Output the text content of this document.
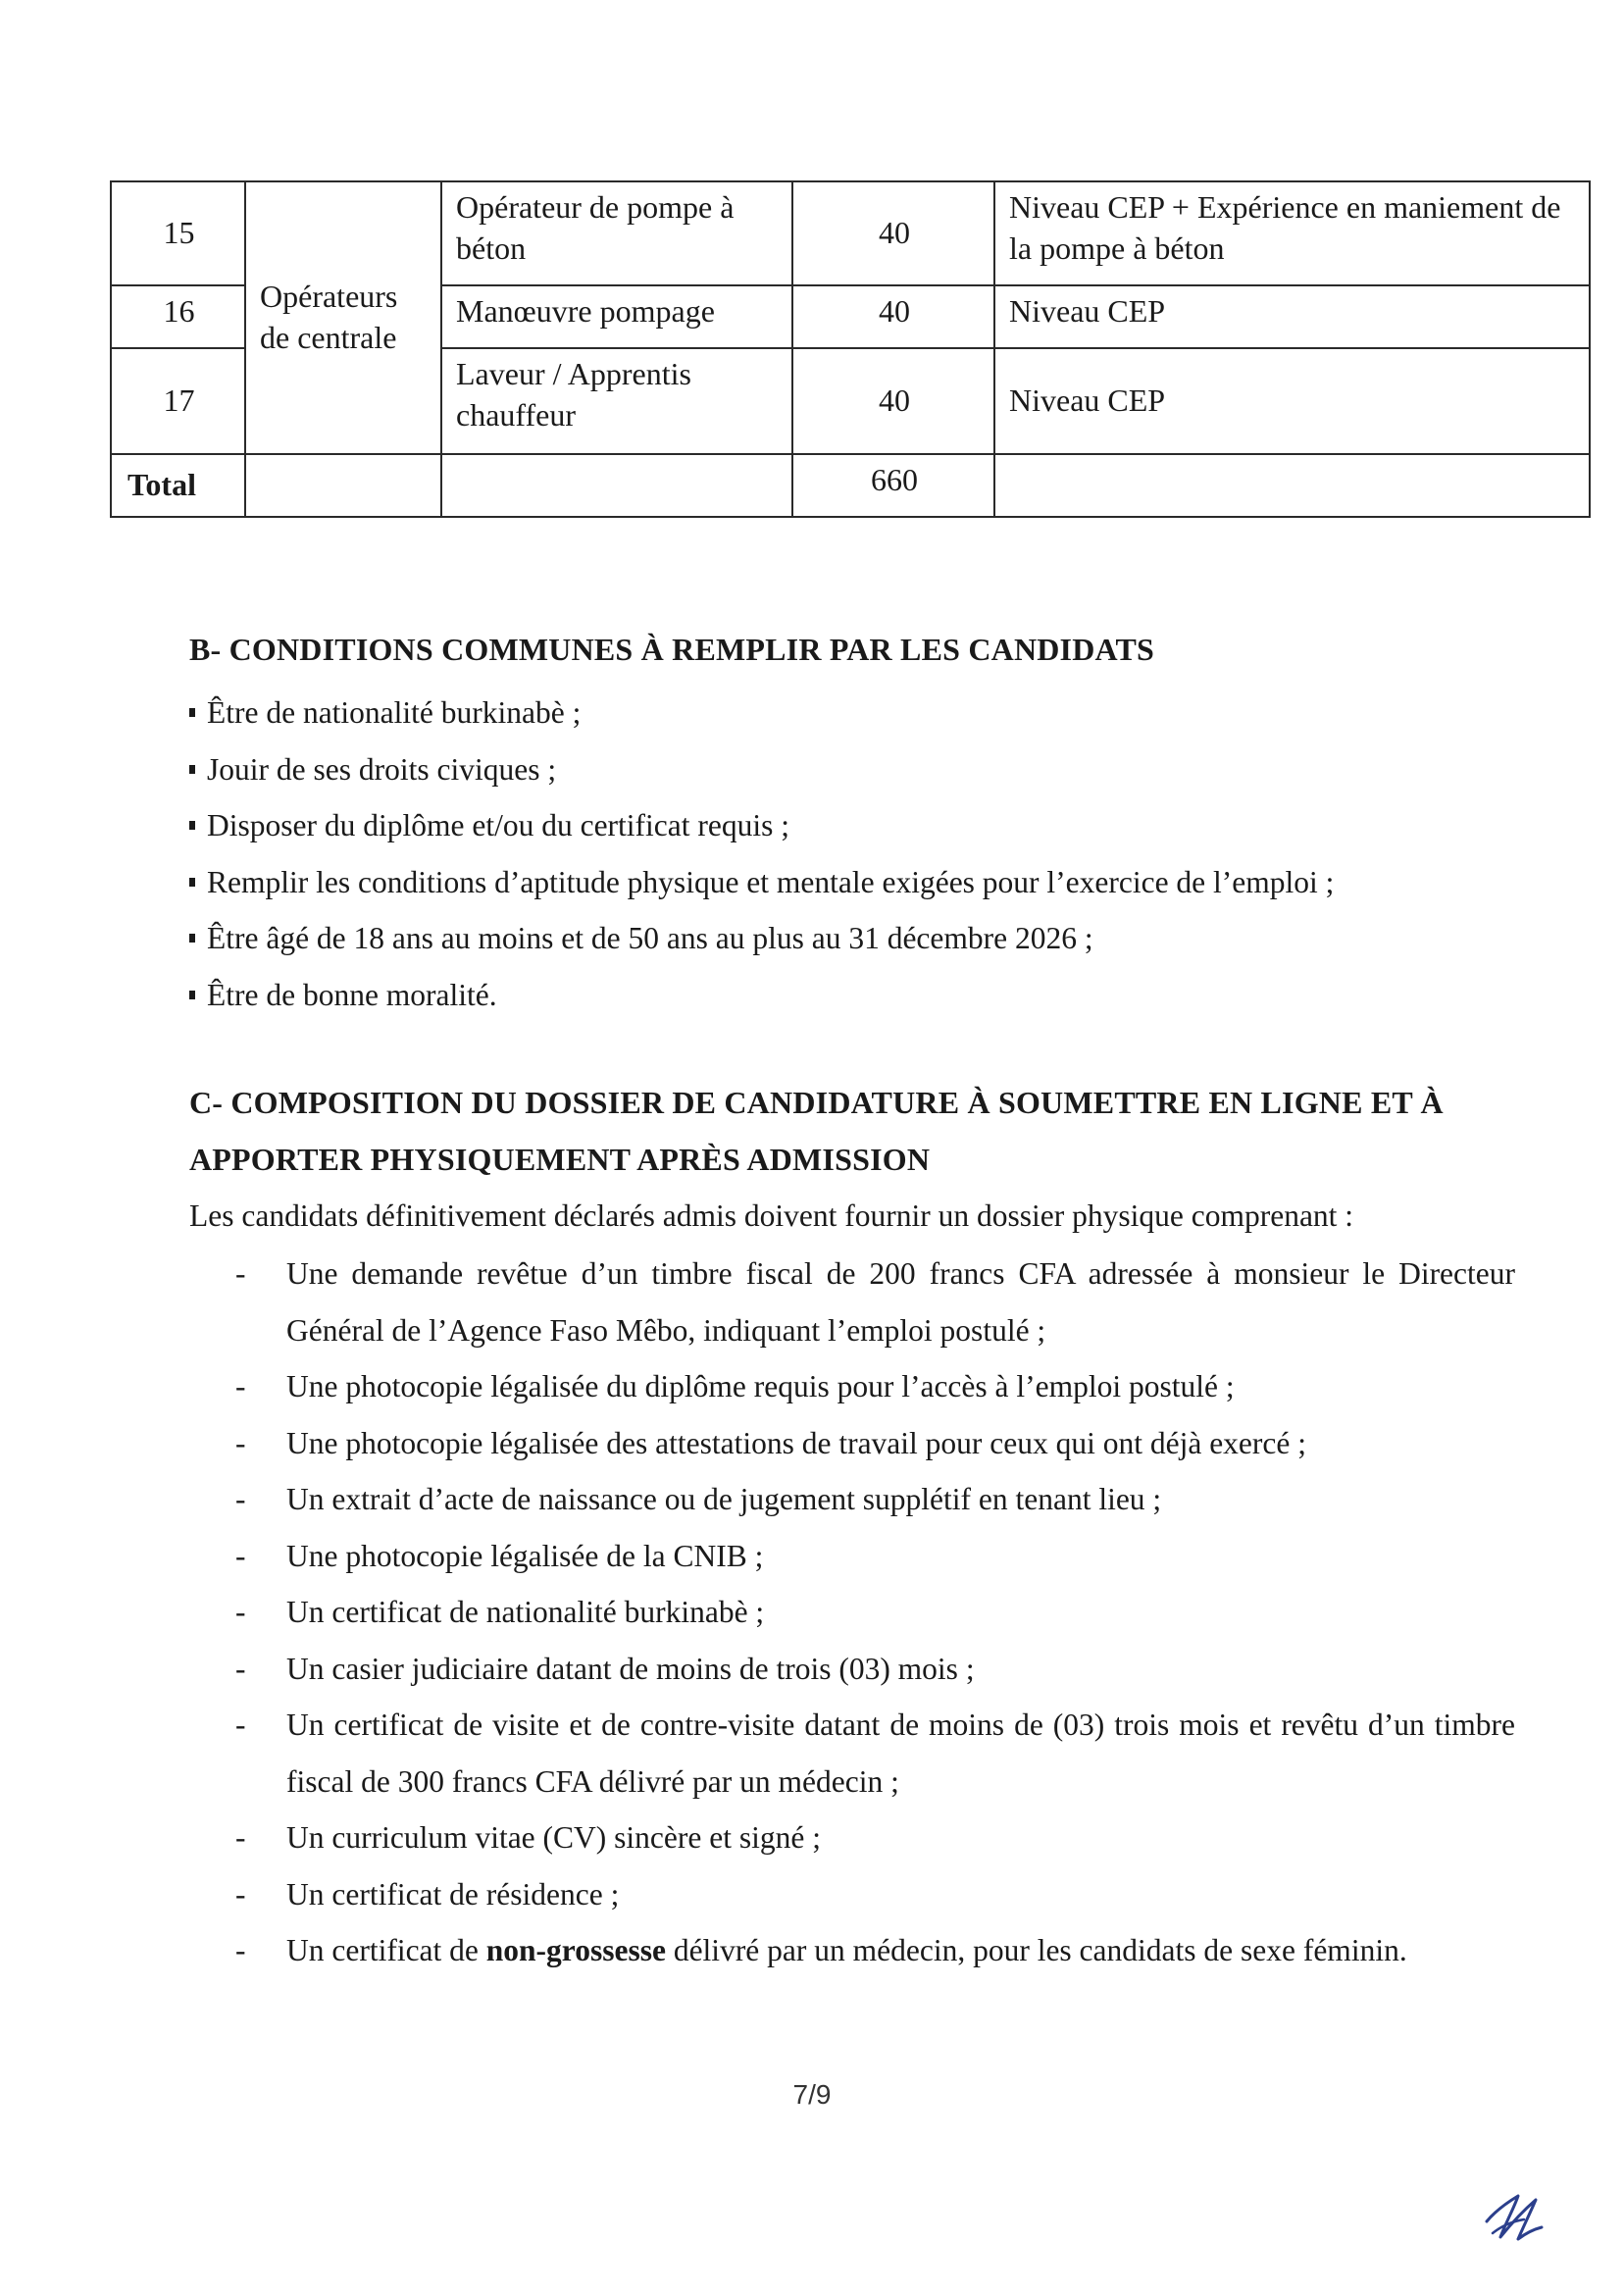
15	Opérateurs de centrale	Opérateur de pompe à béton	40	Niveau CEP + Expérience en maniement de la pompe à béton
16		Manœuvre pompage	40	Niveau CEP
17		Laveur / Apprentis chauffeur	40	Niveau CEP
Total			660	
B- CONDITIONS COMMUNES À REMPLIR PAR LES CANDIDATS
Être de nationalité burkinabè ;
Jouir de ses droits civiques ;
Disposer du diplôme et/ou du certificat requis ;
Remplir les conditions d’aptitude physique et mentale exigées pour l’exercice de l’emploi ;
Être âgé de 18 ans au moins et de 50 ans au plus au 31 décembre 2026 ;
Être de bonne moralité.
C- COMPOSITION DU DOSSIER DE CANDIDATURE À SOUMETTRE EN LIGNE ET À APPORTER PHYSIQUEMENT APRÈS ADMISSION
Les candidats définitivement déclarés admis doivent fournir un dossier physique comprenant :
- Une demande revêtue d’un timbre fiscal de 200 francs CFA adressée à monsieur le Directeur Général de l’Agence Faso Mêbo, indiquant l’emploi postulé ;
- Une photocopie légalisée du diplôme requis pour l’accès à l’emploi postulé ;
- Une photocopie légalisée des attestations de travail pour ceux qui ont déjà exercé ;
- Un extrait d’acte de naissance ou de jugement supplétif en tenant lieu ;
- Une photocopie légalisée de la CNIB ;
- Un certificat de nationalité burkinabè ;
- Un casier judiciaire datant de moins de trois (03) mois ;
- Un certificat de visite et de contre-visite datant de moins de (03) trois mois et revêtu d’un timbre fiscal de 300 francs CFA délivré par un médecin ;
- Un curriculum vitae (CV) sincère et signé ;
- Un certificat de résidence ;
- Un certificat de non-grossesse délivré par un médecin, pour les candidats de sexe féminin.
7/9
